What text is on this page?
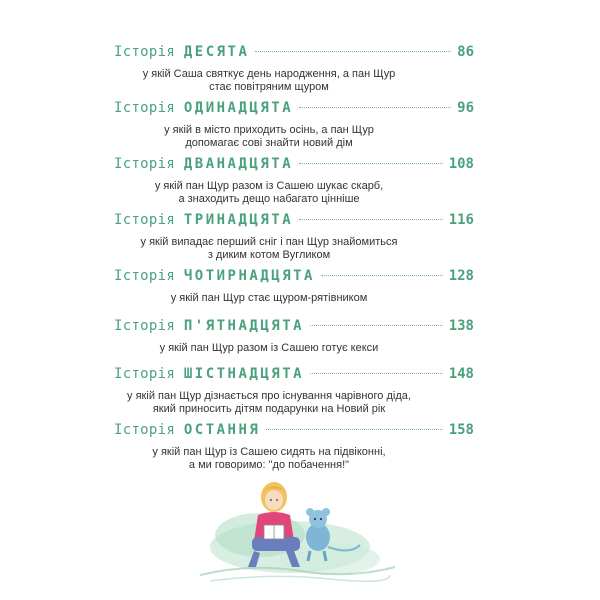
Історія ДЕСЯТА	86
у якій Саша святкує день народження, а пан Щур
стає повітряним щуром
Історія ОДИНАДЦЯТА	96
у якій в місто приходить осінь, а пан Щур
допомагає сові знайти новий дім
Історія ДВАНАДЦЯТА	108
у якій пан Щур разом із Сашею шукає скарб,
а знаходить дещо набагато цінніше
Історія ТРИНАДЦЯТА	116
у якій випадає перший сніг і пан Щур знайомиться
з диким котом Вугликом
Історія ЧОТИРНАДЦЯТА	128
у якій пан Щур стає щуром-рятівником
Історія П'ЯТНАДЦЯТА	138
у якій пан Щур разом із Сашею готує кекси
Історія ШІСТНАДЦЯТА	148
у якій пан Щур дізнається про існування чарівного діда,
який приносить дітям подарунки на Новий рік
Історія ОСТАННЯ	158
у якій пан Щур із Сашею сидять на підвіконні,
а ми говоримо: "до побачення!"
